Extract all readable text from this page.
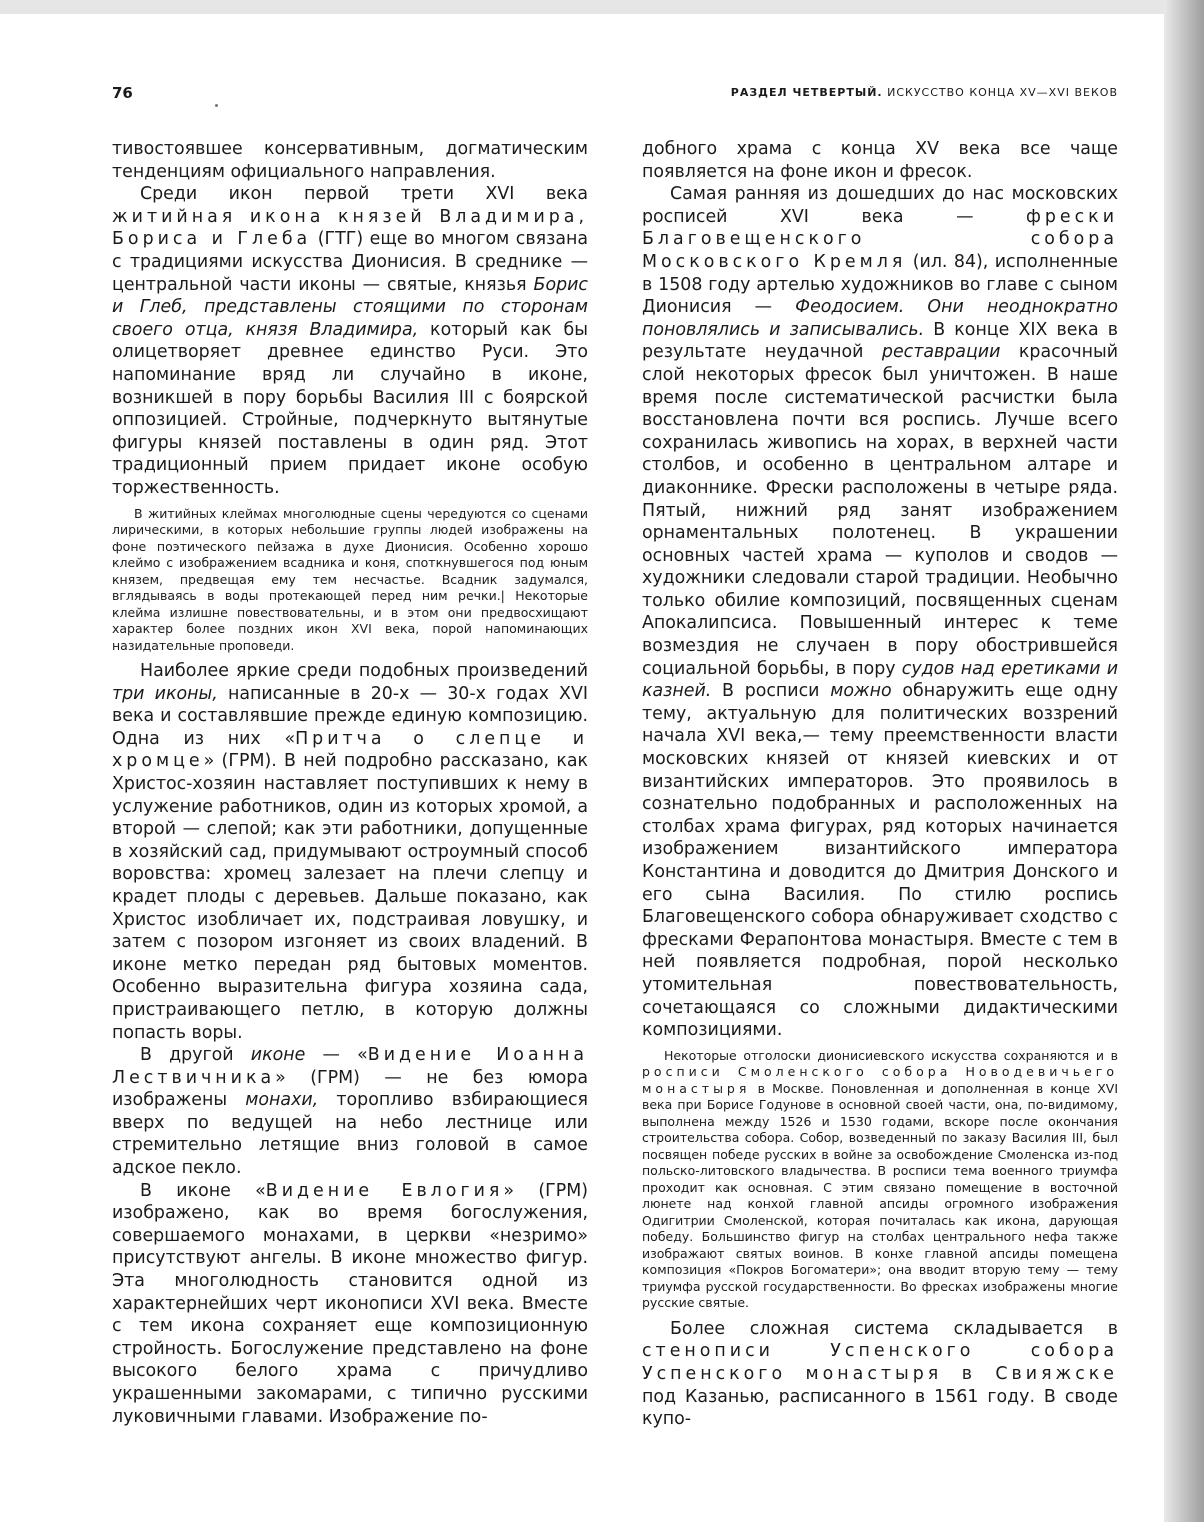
76	РАЗДЕЛ ЧЕТВЕРТЫЙ. ИСКУССТВО КОНЦА XV—XVI ВЕКОВ

тивостоявшее консервативным, догматическим тенденциям официального направления.

Среди икон первой трети XVI века житийная икона князей Владимира, Бориса и Глеба (ГТГ) еще во многом связана с традициями искусства Дионисия. В среднике — центральной части иконы — святые, князья Борис и Глеб, представлены стоящими по сторонам своего отца, князя Владимира, который как бы олицетворяет древнее единство Руси. Это напоминание вряд ли случайно в иконе, возникшей в пору борьбы Василия III с боярской оппозицией. Стройные, подчеркнуто вытянутые фигуры князей поставлены в один ряд. Этот традиционный прием придает иконе особую торжественность.

В житийных клеймах многолюдные сцены чередуются со сценами лирическими, в которых небольшие группы людей изображены на фоне поэтического пейзажа в духе Дионисия. Особенно хорошо клеймо с изображением всадника и коня, споткнувшегося под юным князем, предвещая ему тем несчастье. Всадник задумался, вглядываясь в воды протекающей перед ним речки.| Некоторые клейма излишне повествовательны, и в этом они предвосхищают характер более поздних икон XVI века, порой напоминающих назидательные проповеди.

Наиболее яркие среди подобных произведений три иконы, написанные в 20-х — 30-х годах XVI века и составлявшие прежде единую композицию. Одна из них «Притча о слепце и хромце» (ГРМ). В ней подробно рассказано, как Христос-хозяин наставляет поступивших к нему в услужение работников, один из которых хромой, а второй — слепой; как эти работники, допущенные в хозяйский сад, придумывают остроумный способ воровства: хромец залезает на плечи слепцу и крадет плоды с деревьев. Дальше показано, как Христос изобличает их, подстраивая ловушку, и затем с позором изгоняет из своих владений. В иконе метко передан ряд бытовых моментов. Особенно выразительна фигура хозяина сада, пристраивающего петлю, в которую должны попасть воры.

В другой иконе — «Видение Иоанна Лествичника» (ГРМ) — не без юмора изображены монахи, торопливо взбирающиеся вверх по ведущей на небо лестнице или стремительно летящие вниз головой в самое адское пекло.

В иконе «Видение Евлогия» (ГРМ) изображено, как во время богослужения, совершаемого монахами, в церкви «незримо» присутствуют ангелы. В иконе множество фигур. Эта многолюдность становится одной из характернейших черт иконописи XVI века. Вместе с тем икона сохраняет еще композиционную стройность. Богослужение представлено на фоне высокого белого храма с причудливо украшенными закомарами, с типично русскими луковичными главами. Изображение по-

добного храма с конца XV века все чаще появляется на фоне икон и фресок.

Самая ранняя из дошедших до нас московских росписей XVI века — фрески Благовещенского собора Московского Кремля (ил. 84), исполненные в 1508 году артелью художников во главе с сыном Дионисия — Феодосием. Они неоднократно поновлялись и записывались. В конце XIX века в результате неудачной реставрации красочный слой некоторых фресок был уничтожен. В наше время после систематической расчистки была восстановлена почти вся роспись. Лучше всего сохранилась живопись на хорах, в верхней части столбов, и особенно в центральном алтаре и диаконнике. Фрески расположены в четыре ряда. Пятый, нижний ряд занят изображением орнаментальных полотенец. В украшении основных частей храма — куполов и сводов — художники следовали старой традиции. Необычно только обилие композиций, посвященных сценам Апокалипсиса. Повышенный интерес к теме возмездия не случаен в пору обострившейся социальной борьбы, в пору судов над еретиками и казней. В росписи можно обнаружить еще одну тему, актуальную для политических воззрений начала XVI века,— тему преемственности власти московских князей от князей киевских и от византийских императоров. Это проявилось в сознательно подобранных и расположенных на столбах храма фигурах, ряд которых начинается изображением византийского императора Константина и доводится до Дмитрия Донского и его сына Василия. По стилю роспись Благовещенского собора обнаруживает сходство с фресками Ферапонтова монастыря. Вместе с тем в ней появляется подробная, порой несколько утомительная повествовательность, сочетающаяся со сложными дидактическими композициями.

Некоторые отголоски дионисиевского искусства сохраняются и в росписи Смоленского собора Новодевичьего монастыря в Москве. Поновленная и дополненная в конце XVI века при Борисе Годунове в основной своей части, она, по-видимому, выполнена между 1526 и 1530 годами, вскоре после окончания строительства собора. Собор, возведенный по заказу Василия III, был посвящен победе русских в войне за освобождение Смоленска из-под польско-литовского владычества. В росписи тема военного триумфа проходит как основная. С этим связано помещение в восточной люнете над конхой главной апсиды огромного изображения Одигитрии Смоленской, которая почиталась как икона, дарующая победу. Большинство фигур на столбах центрального нефа также изображают святых воинов. В конхе главной апсиды помещена композиция «Покров Богоматери»; она вводит вторую тему — тему триумфа русской государственности. Во фресках изображены многие русские святые.

Более сложная система складывается в стенописи Успенского собора Успенского монастыря в Свияжске под Казанью, расписанного в 1561 году. В своде купо-
